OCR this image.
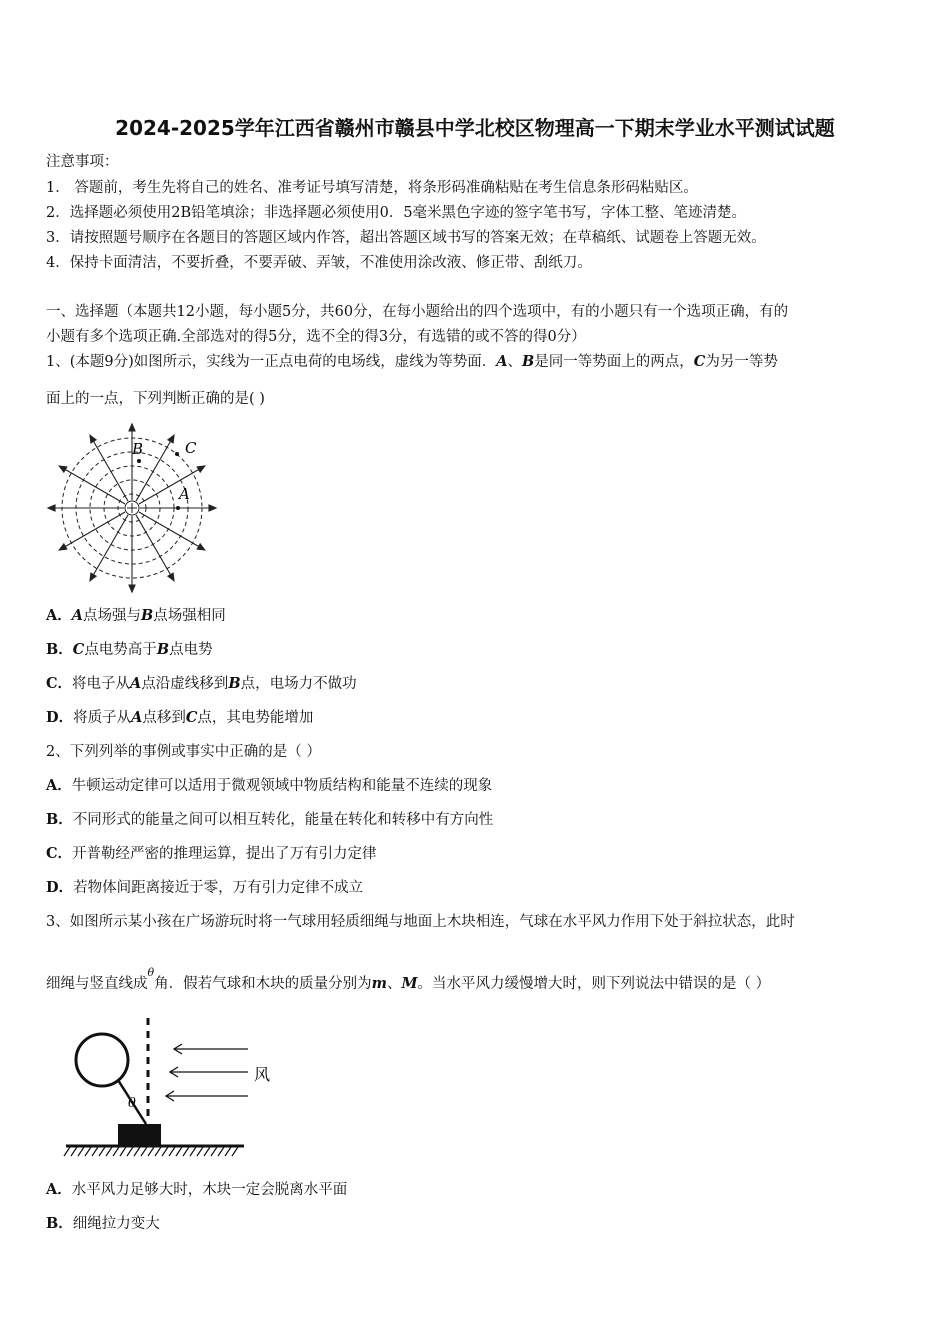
2024-2025学年江西省赣州市赣县中学北校区物理高一下期末学业水平测试试题
注意事项：
1． 答题前，考生先将自己的姓名、准考证号填写清楚，将条形码准确粘贴在考生信息条形码粘贴区。
2．选择题必须使用2B铅笔填涂；非选择题必须使用0．5毫米黑色字迹的签字笔书写，字体工整、笔迹清楚。
3．请按照题号顺序在各题目的答题区域内作答，超出答题区域书写的答案无效；在草稿纸、试题卷上答题无效。
4．保持卡面清洁，不要折叠，不要弄破、弄皱，不准使用涂改液、修正带、刮纸刀。
一、选择题（本题共12小题，每小题5分，共60分，在每小题给出的四个选项中，有的小题只有一个选项正确，有的
小题有多个选项正确.全部选对的得5分，选不全的得3分，有选错的或不答的得0分）
1、(本题9分)如图所示，实线为一正点电荷的电场线，虚线为等势面．A、B是同一等势面上的两点，C为另一等势
面上的一点，下列判断正确的是( )
B	C
A
A．A点场强与B点场强相同
B．C点电势高于B点电势
C．将电子从A点沿虚线移到B点，电场力不做功
D．将质子从A点移到C点，其电势能增加
2、下列列举的事例或事实中正确的是（ ）
A．牛顿运动定律可以适用于微观领域中物质结构和能量不连续的现象
B．不同形式的能量之间可以相互转化，能量在转化和转移中有方向性
C．开普勒经严密的推理运算，提出了万有引力定律
D．若物体间距离接近于零，万有引力定律不成立
3、如图所示某小孩在广场游玩时将一气球用轻质细绳与地面上木块相连，气球在水平风力作用下处于斜拉状态，此时
细绳与竖直线成$^\theta$角．假若气球和木块的质量分别为m、M。当水平风力缓慢增大时，则下列说法中错误的是（ ）
风
θ
A．水平风力足够大时，木块一定会脱离水平面
B．细绳拉力变大
